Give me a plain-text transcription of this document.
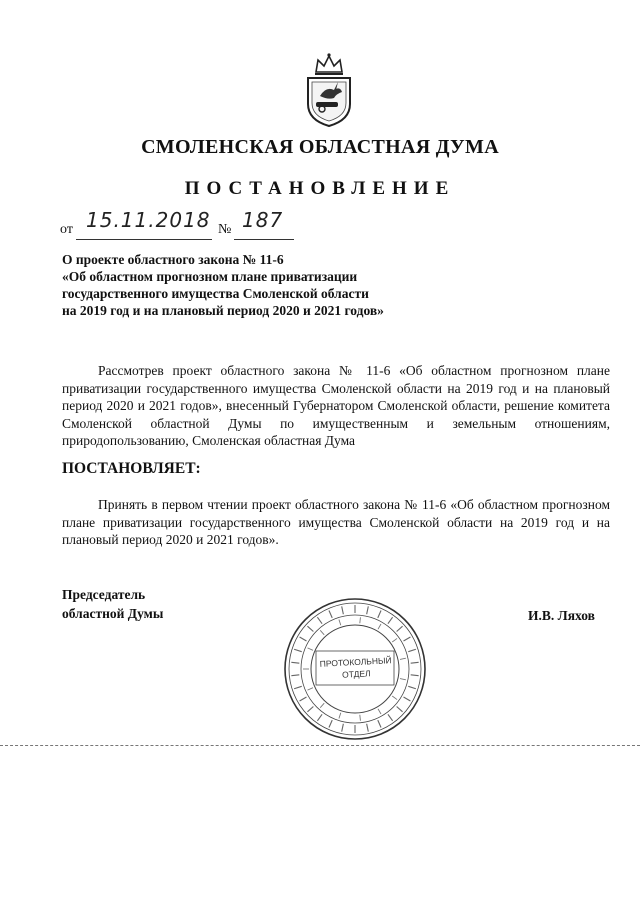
СМОЛЕНСКАЯ ОБЛАСТНАЯ ДУМА
ПОСТАНОВЛЕНИЕ
от 15.11.2018 № 187
О проекте областного закона № 11-6
«Об областном прогнозном плане приватизации
государственного имущества Смоленской области
на 2019 год и на плановый период 2020 и 2021 годов»
Рассмотрев проект областного закона № 11-6 «Об областном прогнозном плане приватизации государственного имущества Смоленской области на 2019 год и на плановый период 2020 и 2021 годов», внесенный Губернатором Смоленской области, решение комитета Смоленской областной Думы по имущественным и земельным отношениям, природопользованию, Смоленская областная Дума
ПОСТАНОВЛЯЕТ:
Принять в первом чтении проект областного закона № 11-6 «Об областном прогнозном плане приватизации государственного имущества Смоленской области на 2019 год и на плановый период 2020 и 2021 годов».
Председатель
областной Думы
ПРОТОКОЛЬНЫЙ
ОТДЕЛ
И.В. Ляхов
